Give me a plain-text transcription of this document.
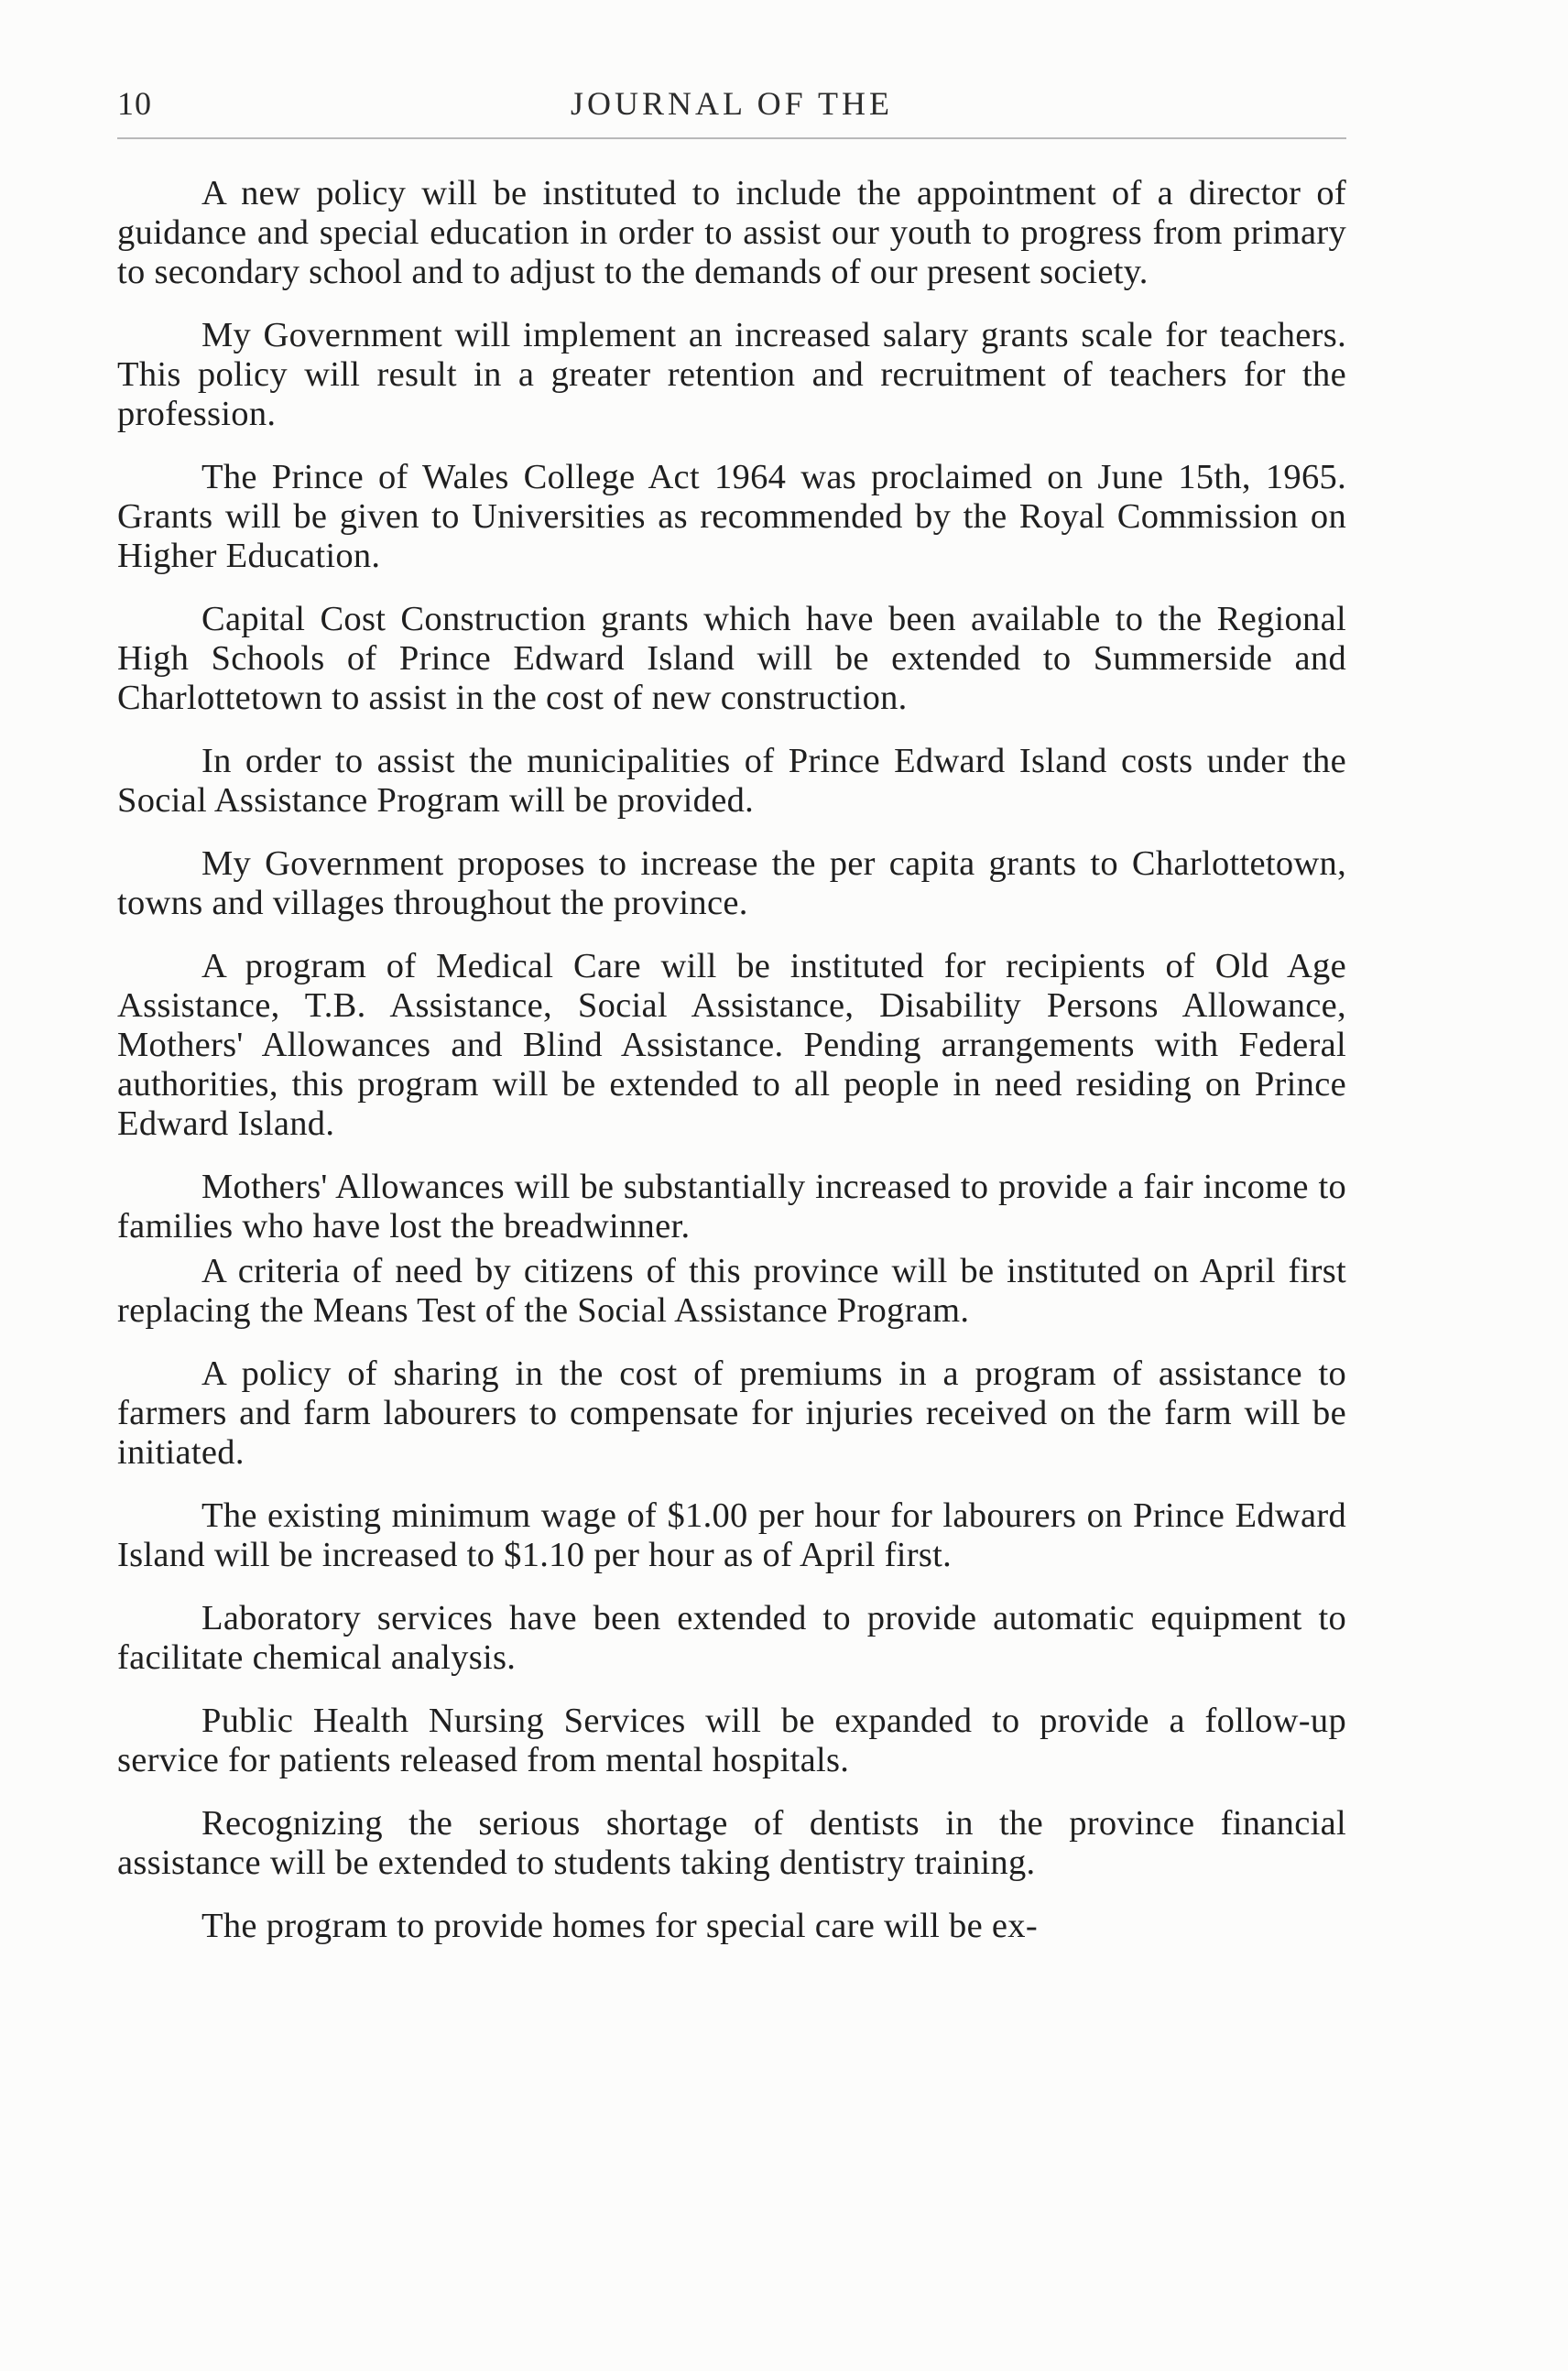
10	JOURNAL OF THE

A new policy will be instituted to include the appointment of a director of guidance and special education in order to assist our youth to progress from primary to secondary school and to adjust to the demands of our present society.

My Government will implement an increased salary grants scale for teachers. This policy will result in a greater retention and recruitment of teachers for the profession.

The Prince of Wales College Act 1964 was proclaimed on June 15th, 1965. Grants will be given to Universities as recommended by the Royal Commission on Higher Education.

Capital Cost Construction grants which have been available to the Regional High Schools of Prince Edward Island will be extended to Summerside and Charlottetown to assist in the cost of new construction.

In order to assist the municipalities of Prince Edward Island costs under the Social Assistance Program will be provided.

My Government proposes to increase the per capita grants to Charlottetown, towns and villages throughout the province.

A program of Medical Care will be instituted for recipients of Old Age Assistance, T.B. Assistance, Social Assistance, Disability Persons Allowance, Mothers' Allowances and Blind Assistance. Pending arrangements with Federal authorities, this program will be extended to all people in need residing on Prince Edward Island.

Mothers' Allowances will be substantially increased to provide a fair income to families who have lost the breadwinner.

A criteria of need by citizens of this province will be instituted on April first replacing the Means Test of the Social Assistance Program.

A policy of sharing in the cost of premiums in a program of assistance to farmers and farm labourers to compensate for injuries received on the farm will be initiated.

The existing minimum wage of $1.00 per hour for labourers on Prince Edward Island will be increased to $1.10 per hour as of April first.

Laboratory services have been extended to provide automatic equipment to facilitate chemical analysis.

Public Health Nursing Services will be expanded to provide a follow-up service for patients released from mental hospitals.

Recognizing the serious shortage of dentists in the province financial assistance will be extended to students taking dentistry training.

The program to provide homes for special care will be ex-
